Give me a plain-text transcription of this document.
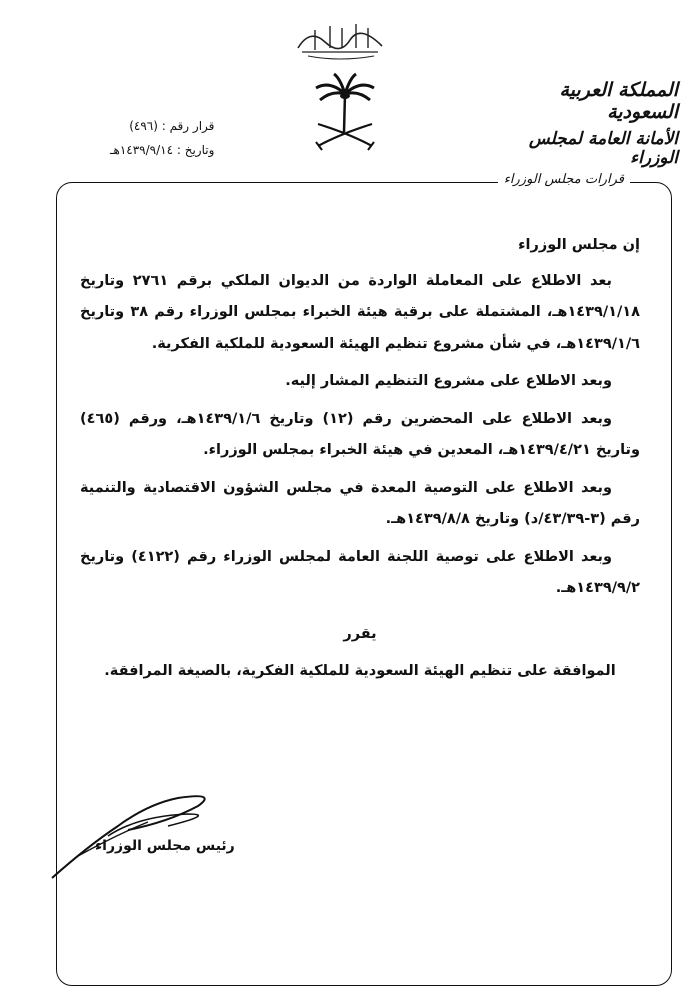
المملكة العربية السعودية
الأمانة العامة لمجلس الوزراء
قرارات مجلس الوزراء
قرار رقم : (٤٩٦)
وتاريخ : ١٤٣٩/٩/١٤هـ

إن مجلس الوزراء

بعد الاطلاع على المعاملة الواردة من الديوان الملكي برقم ٢٧٦١ وتاريخ ١٤٣٩/١/١٨هـ، المشتملة على برقية هيئة الخبراء بمجلس الوزراء رقم ٣٨ وتاريخ ١٤٣٩/١/٦هـ، في شأن مشروع تنظيم الهيئة السعودية للملكية الفكرية.

وبعد الاطلاع على مشروع التنظيم المشار إليه.

وبعد الاطلاع على المحضرين رقم (١٢) وتاريخ ١٤٣٩/١/٦هـ، ورقم (٤٦٥) وتاريخ ١٤٣٩/٤/٢١هـ، المعدين في هيئة الخبراء بمجلس الوزراء.

وبعد الاطلاع على التوصية المعدة في مجلس الشؤون الاقتصادية والتنمية رقم (٣-٤٣/٣٩/د) وتاريخ ١٤٣٩/٨/٨هـ.

وبعد الاطلاع على توصية اللجنة العامة لمجلس الوزراء رقم (٤١٢٢) وتاريخ ١٤٣٩/٩/٢هـ.

يقرر

الموافقة على تنظيم الهيئة السعودية للملكية الفكرية، بالصيغة المرافقة.

رئيس مجلس الوزراء
